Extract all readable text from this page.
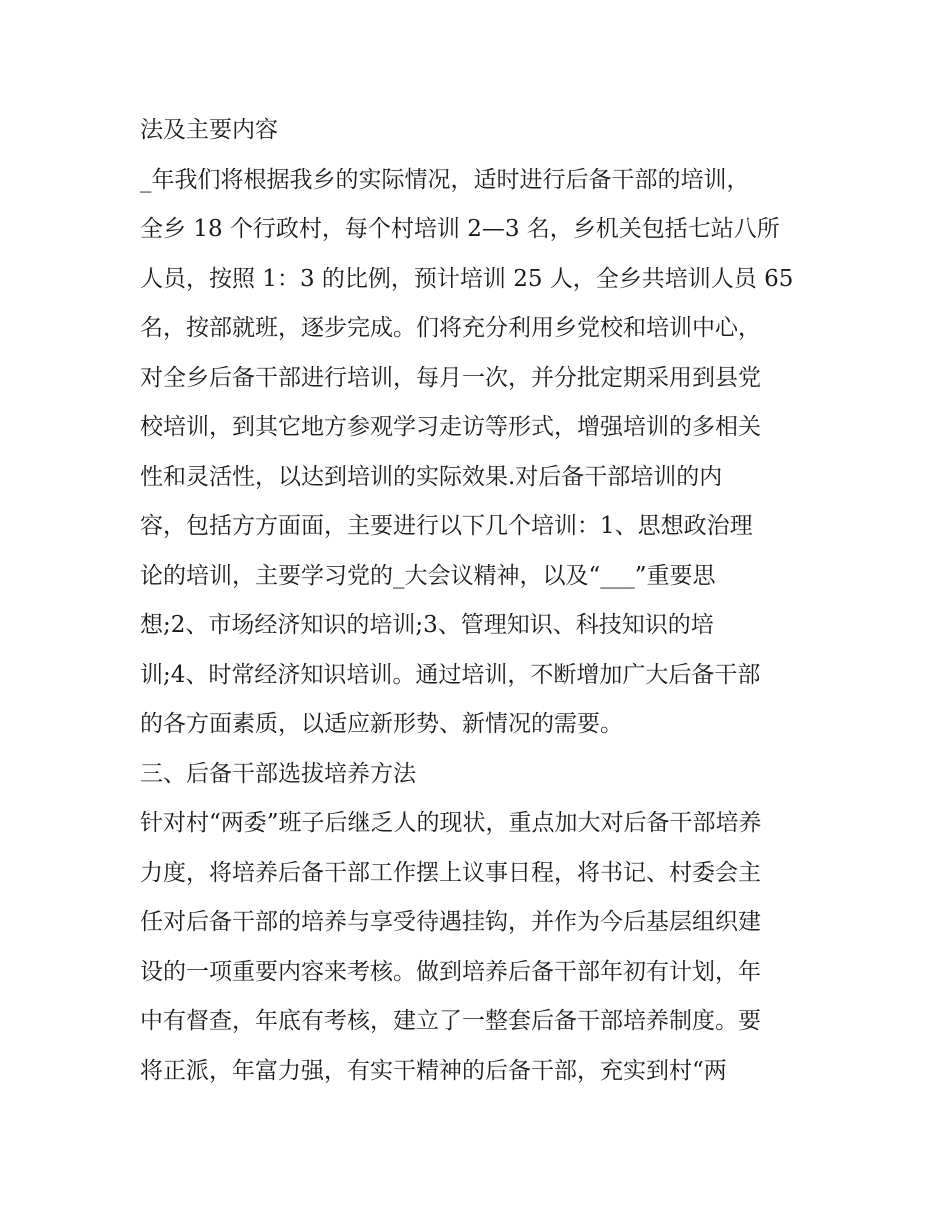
法及主要内容
_年我们将根据我乡的实际情况，适时进行后备干部的培训，
全乡 18 个行政村，每个村培训 2—3 名，乡机关包括七站八所
人员，按照 1：3 的比例，预计培训 25 人，全乡共培训人员 65
名，按部就班，逐步完成。们将充分利用乡党校和培训中心，
对全乡后备干部进行培训，每月一次，并分批定期采用到县党
校培训，到其它地方参观学习走访等形式，增强培训的多相关
性和灵活性，以达到培训的实际效果.对后备干部培训的内
容，包括方方面面，主要进行以下几个培训：1、思想政治理
论的培训，主要学习党的_大会议精神，以及“___”重要思
想;2、市场经济知识的培训;3、管理知识、科技知识的培
训;4、时常经济知识培训。通过培训，不断增加广大后备干部
的各方面素质，以适应新形势、新情况的需要。
三、后备干部选拔培养方法
针对村“两委”班子后继乏人的现状，重点加大对后备干部培养
力度，将培养后备干部工作摆上议事日程，将书记、村委会主
任对后备干部的培养与享受待遇挂钩，并作为今后基层组织建
设的一项重要内容来考核。做到培养后备干部年初有计划，年
中有督查，年底有考核，建立了一整套后备干部培养制度。要
将正派，年富力强，有实干精神的后备干部，充实到村“两
